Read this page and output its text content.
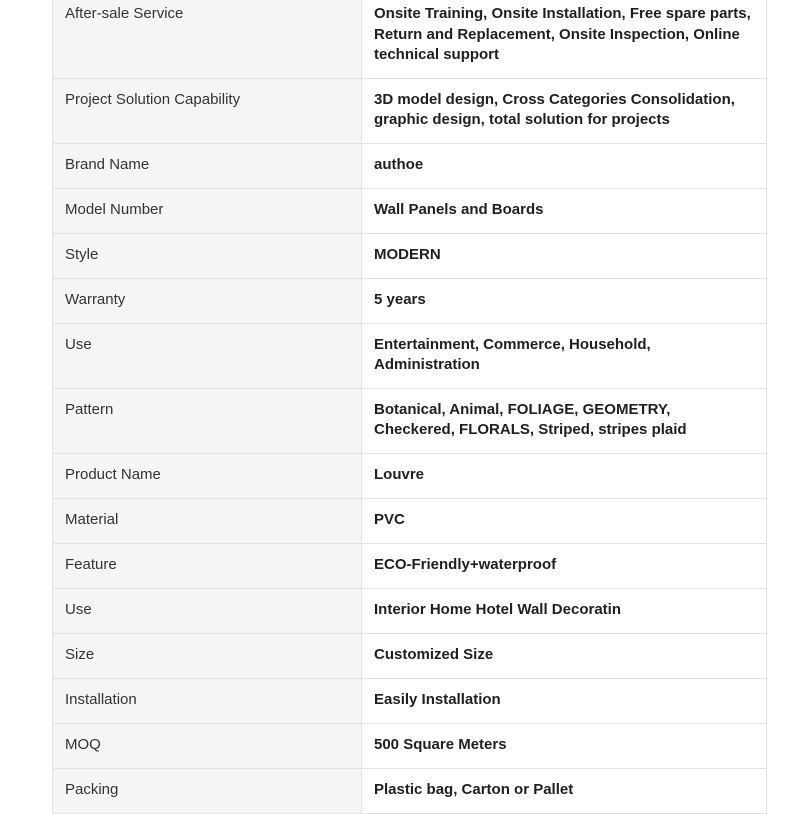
After-sale Service	Onsite Training, Onsite Installation, Free spare parts, Return and Replacement, Onsite Inspection, Online technical support
Project Solution Capability	3D model design, Cross Categories Consolidation, graphic design, total solution for projects
Brand Name	authoe
Model Number	Wall Panels and Boards
Style	MODERN
Warranty	5 years
Use	Entertainment, Commerce, Household, Administration
Pattern	Botanical, Animal, FOLIAGE, GEOMETRY, Checkered, FLORALS, Striped, stripes plaid
Product Name	Louvre
Material	PVC
Feature	ECO-Friendly+waterproof
Use	Interior Home Hotel Wall Decoratin
Size	Customized Size
Installation	Easily Installation
MOQ	500 Square Meters
Packing	Plastic bag, Carton or Pallet
